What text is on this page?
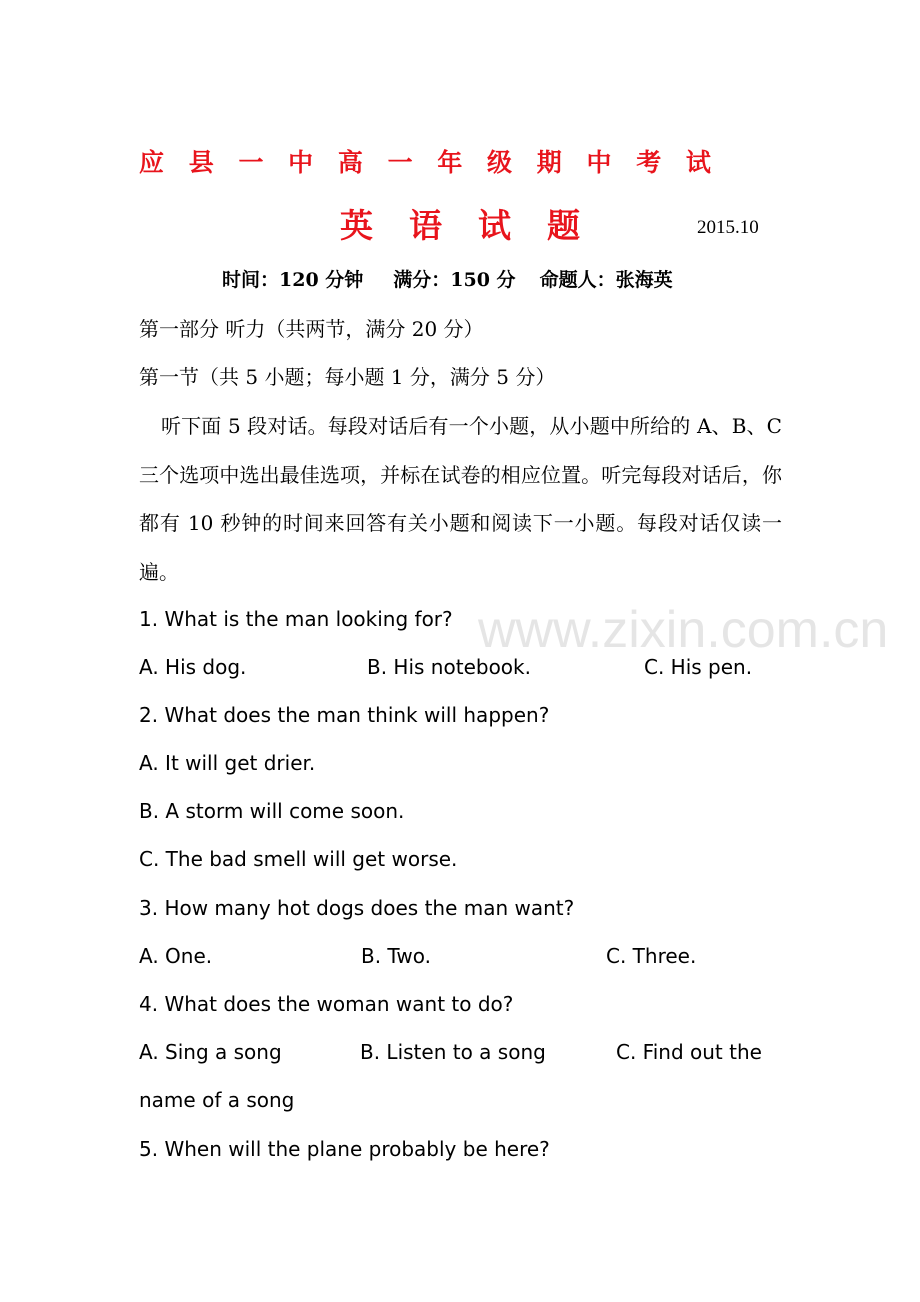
应 县 一 中 高 一 年 级 期 中 考 试
英 语 试 题	2015.10
时间：120 分钟 满分：150 分 命题人：张海英
第一部分 听力（共两节，满分 20 分）
第一节（共 5 小题；每小题 1 分，满分 5 分）
听下面 5 段对话。每段对话后有一个小题，从小题中所给的 A、B、C 三个选项中选出最佳选项，并标在试卷的相应位置。听完每段对话后，你都有 10 秒钟的时间来回答有关小题和阅读下一小题。每段对话仅读一遍。
www.zixin.com.cn
1. What is the man looking for?
A. His dog.	B. His notebook.	C. His pen.
2. What does the man think will happen?
A. It will get drier.
B. A storm will come soon.
C. The bad smell will get worse.
3. How many hot dogs does the man want?
A. One.	B. Two.	C. Three.
4. What does the woman want to do?
A. Sing a song	B. Listen to a song	C. Find out the
name of a song
5. When will the plane probably be here?
